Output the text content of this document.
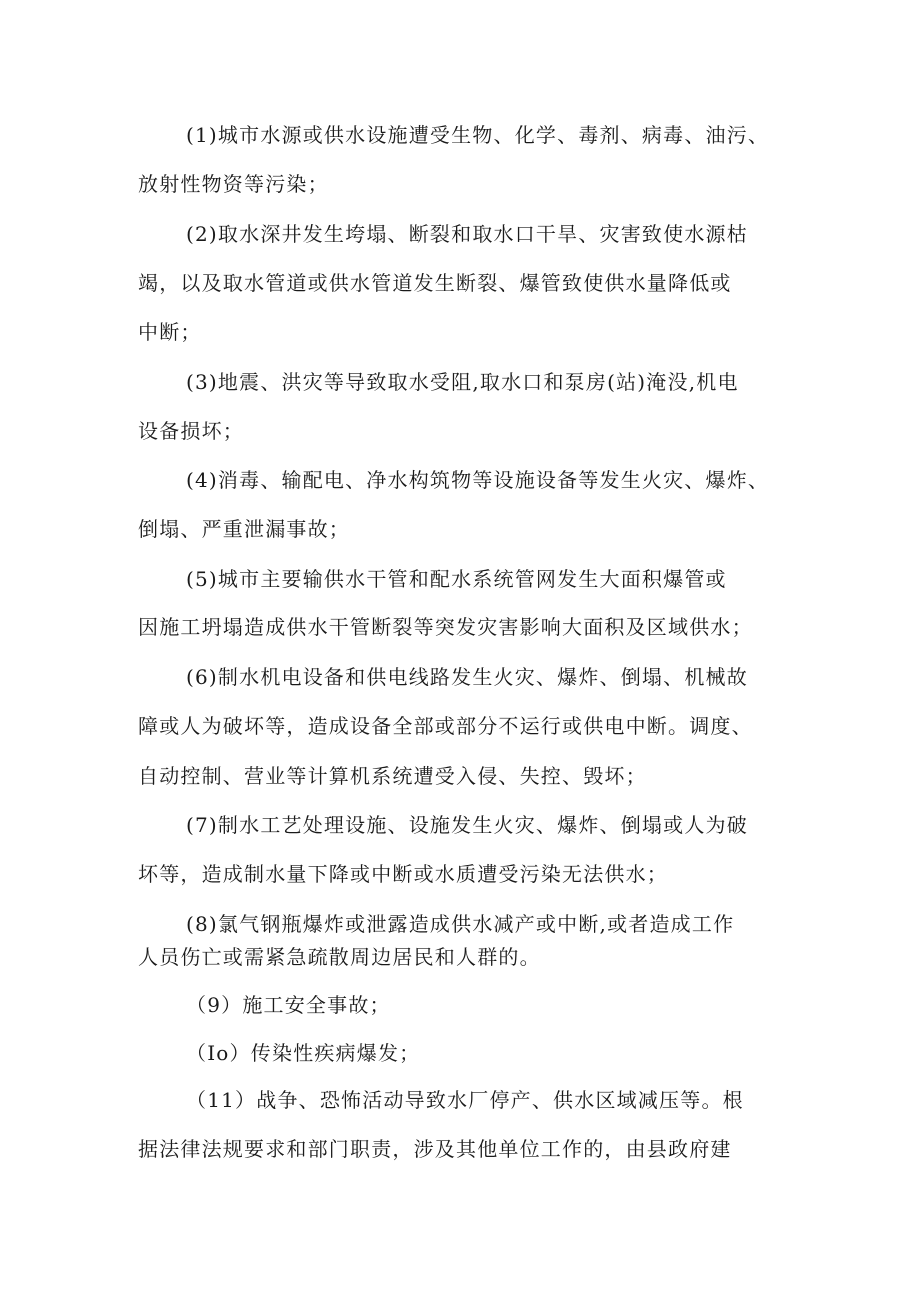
(1)城市水源或供水设施遭受生物、化学、毒剂、病毒、油污、
放射性物资等污染；
(2)取水深井发生垮塌、断裂和取水口干旱、灾害致使水源枯
竭，以及取水管道或供水管道发生断裂、爆管致使供水量降低或
中断；
(3)地震、洪灾等导致取水受阻,取水口和泵房(站)淹没,机电
设备损坏；
(4)消毒、输配电、净水构筑物等设施设备等发生火灾、爆炸、
倒塌、严重泄漏事故；
(5)城市主要输供水干管和配水系统管网发生大面积爆管或
因施工坍塌造成供水干管断裂等突发灾害影响大面积及区域供水；
(6)制水机电设备和供电线路发生火灾、爆炸、倒塌、机械故
障或人为破坏等，造成设备全部或部分不运行或供电中断。调度、
自动控制、营业等计算机系统遭受入侵、失控、毁坏；
(7)制水工艺处理设施、设施发生火灾、爆炸、倒塌或人为破
坏等，造成制水量下降或中断或水质遭受污染无法供水；
(8)氯气钢瓶爆炸或泄露造成供水减产或中断,或者造成工作
人员伤亡或需紧急疏散周边居民和人群的。
（9）施工安全事故；
（Io）传染性疾病爆发；
（11）战争、恐怖活动导致水厂停产、供水区域减压等。根
据法律法规要求和部门职责，涉及其他单位工作的，由县政府建
